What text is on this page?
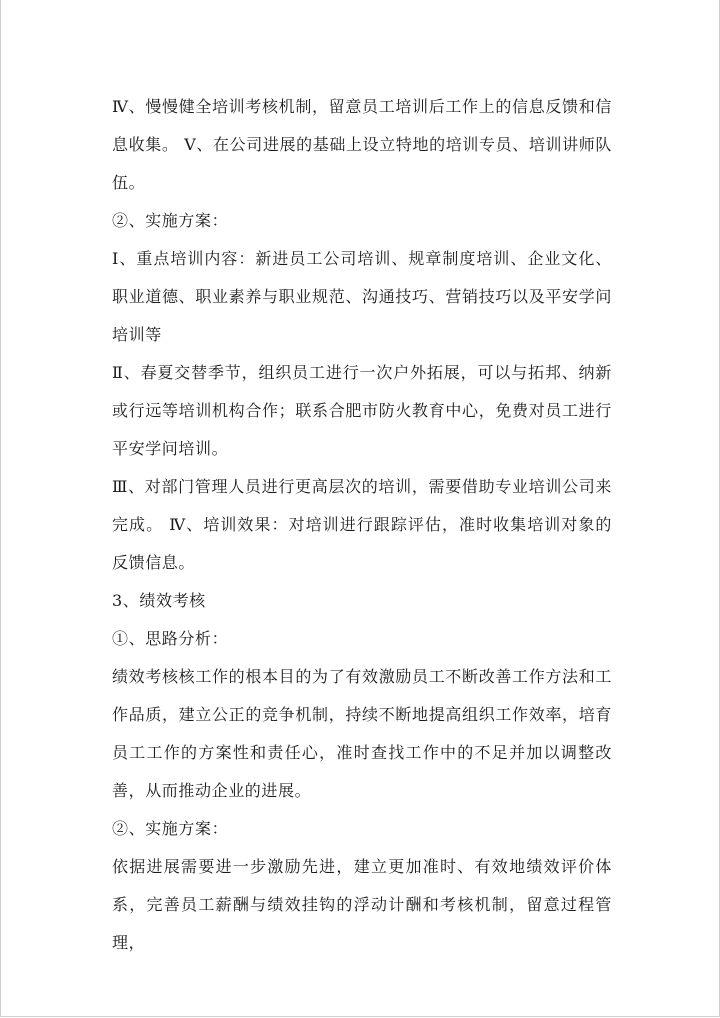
Ⅳ、慢慢健全培训考核机制，留意员工培训后工作上的信息反馈和信息收集。 Ⅴ、在公司进展的基础上设立特地的培训专员、培训讲师队伍。

②、实施方案：

Ⅰ、重点培训内容：新进员工公司培训、规章制度培训、企业文化、职业道德、职业素养与职业规范、沟通技巧、营销技巧以及平安学问培训等

Ⅱ、春夏交替季节，组织员工进行一次户外拓展，可以与拓邦、纳新或行远等培训机构合作；联系合肥市防火教育中心，免费对员工进行平安学问培训。

Ⅲ、对部门管理人员进行更高层次的培训，需要借助专业培训公司来完成。 Ⅳ、培训效果：对培训进行跟踪评估，准时收集培训对象的反馈信息。

3、绩效考核

①、思路分析：

绩效考核核工作的根本目的为了有效激励员工不断改善工作方法和工作品质，建立公正的竞争机制，持续不断地提高组织工作效率，培育员工工作的方案性和责任心，准时查找工作中的不足并加以调整改善，从而推动企业的进展。

②、实施方案：

依据进展需要进一步激励先进，建立更加准时、有效地绩效评价体系，完善员工薪酬与绩效挂钩的浮动计酬和考核机制，留意过程管理，
